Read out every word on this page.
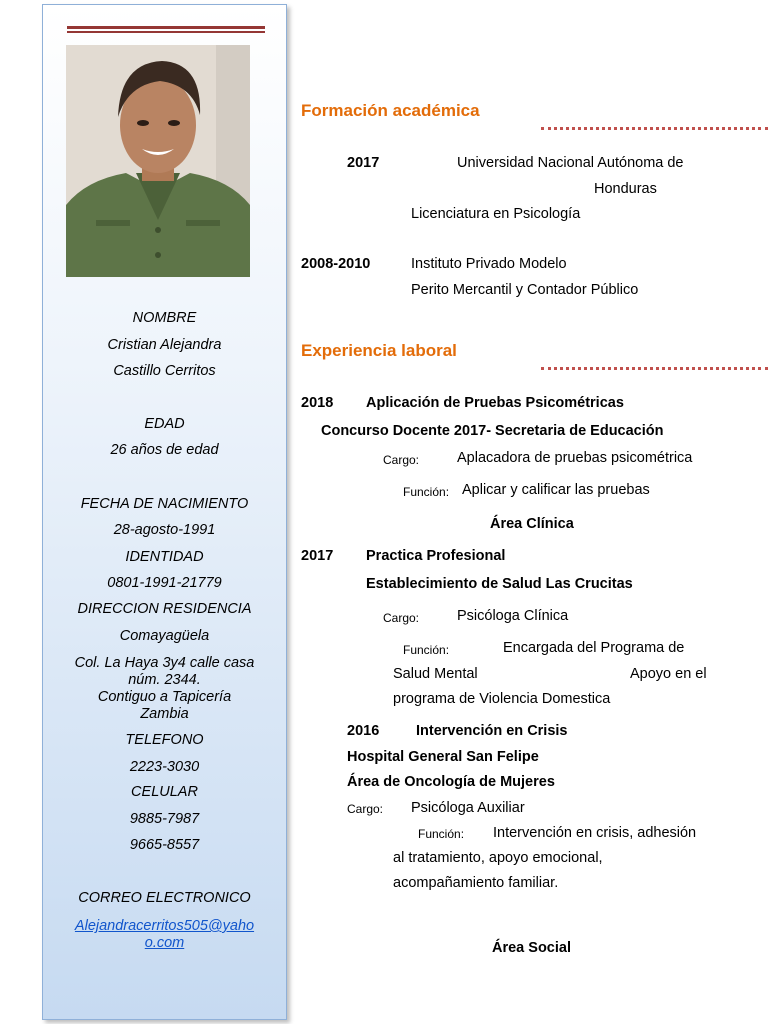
NOMBRE
Cristian Alejandra
Castillo Cerritos
EDAD
26 años de edad
FECHA DE NACIMIENTO
28-agosto-1991
IDENTIDAD
0801-1991-21779
DIRECCION RESIDENCIA
Comayagüela
Col. La Haya 3y4 calle casa
núm. 2344.
Contiguo a Tapicería
Zambia
TELEFONO
2223-3030
CELULAR
9885-7987
9665-8557
CORREO ELECTRONICO
Alejandracerritos505@yaho
o.com
Formación académica
2017	Universidad Nacional Autónoma de
Honduras
Licenciatura en Psicología
2008-2010	Instituto Privado Modelo
Perito Mercantil y Contador Público
Experiencia laboral
2018 Aplicación de Pruebas Psicométricas
Concurso Docente 2017- Secretaria de Educación
Cargo:	Aplacadora de pruebas psicométrica
Función: Aplicar y calificar las pruebas
Área Clínica
2017 Practica Profesional
Establecimiento de Salud Las Crucitas
Cargo:	Psicóloga Clínica
Función:	Encargada del Programa de
Salud Mental	Apoyo en el
programa de Violencia Domestica
2016	Intervención en Crisis
Hospital General San Felipe
Área de Oncología de Mujeres
Cargo: Psicóloga Auxiliar
Función: Intervención en crisis, adhesión
al tratamiento, apoyo emocional,
acompañamiento familiar.
Área Social
